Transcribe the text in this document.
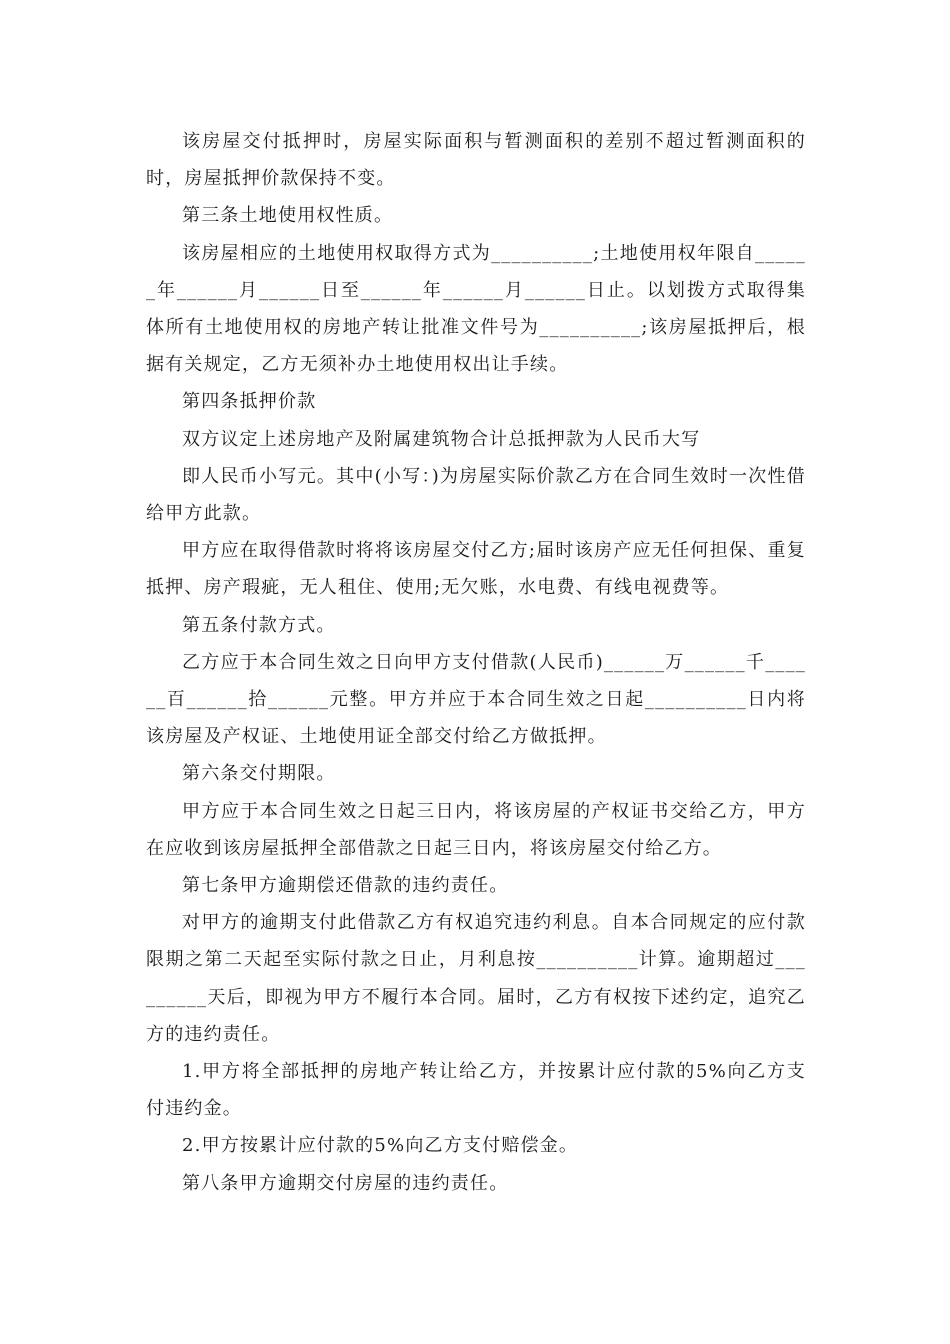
该房屋交付抵押时，房屋实际面积与暂测面积的差别不超过暂测面积的时，房屋抵押价款保持不变。

第三条土地使用权性质。

该房屋相应的土地使用权取得方式为__________;土地使用权年限自______年______月______日至______年______月______日止。以划拨方式取得集体所有土地使用权的房地产转让批准文件号为__________;该房屋抵押后，根据有关规定，乙方无须补办土地使用权出让手续。

第四条抵押价款

双方议定上述房地产及附属建筑物合计总抵押款为人民币大写

即人民币小写元。其中(小写：)为房屋实际价款乙方在合同生效时一次性借给甲方此款。

甲方应在取得借款时将将该房屋交付乙方;届时该房产应无任何担保、重复抵押、房产瑕疵，无人租住、使用;无欠账，水电费、有线电视费等。

第五条付款方式。

乙方应于本合同生效之日向甲方支付借款(人民币)______万______千______百______拾______元整。甲方并应于本合同生效之日起__________日内将该房屋及产权证、土地使用证全部交付给乙方做抵押。

第六条交付期限。

甲方应于本合同生效之日起三日内，将该房屋的产权证书交给乙方，甲方在应收到该房屋抵押全部借款之日起三日内，将该房屋交付给乙方。

第七条甲方逾期偿还借款的违约责任。

对甲方的逾期支付此借款乙方有权追究违约利息。自本合同规定的应付款限期之第二天起至实际付款之日止，月利息按__________计算。逾期超过_________天后，即视为甲方不履行本合同。届时，乙方有权按下述约定，追究乙方的违约责任。

1.甲方将全部抵押的房地产转让给乙方，并按累计应付款的5%向乙方支付违约金。

2.甲方按累计应付款的5%向乙方支付赔偿金。

第八条甲方逾期交付房屋的违约责任。
